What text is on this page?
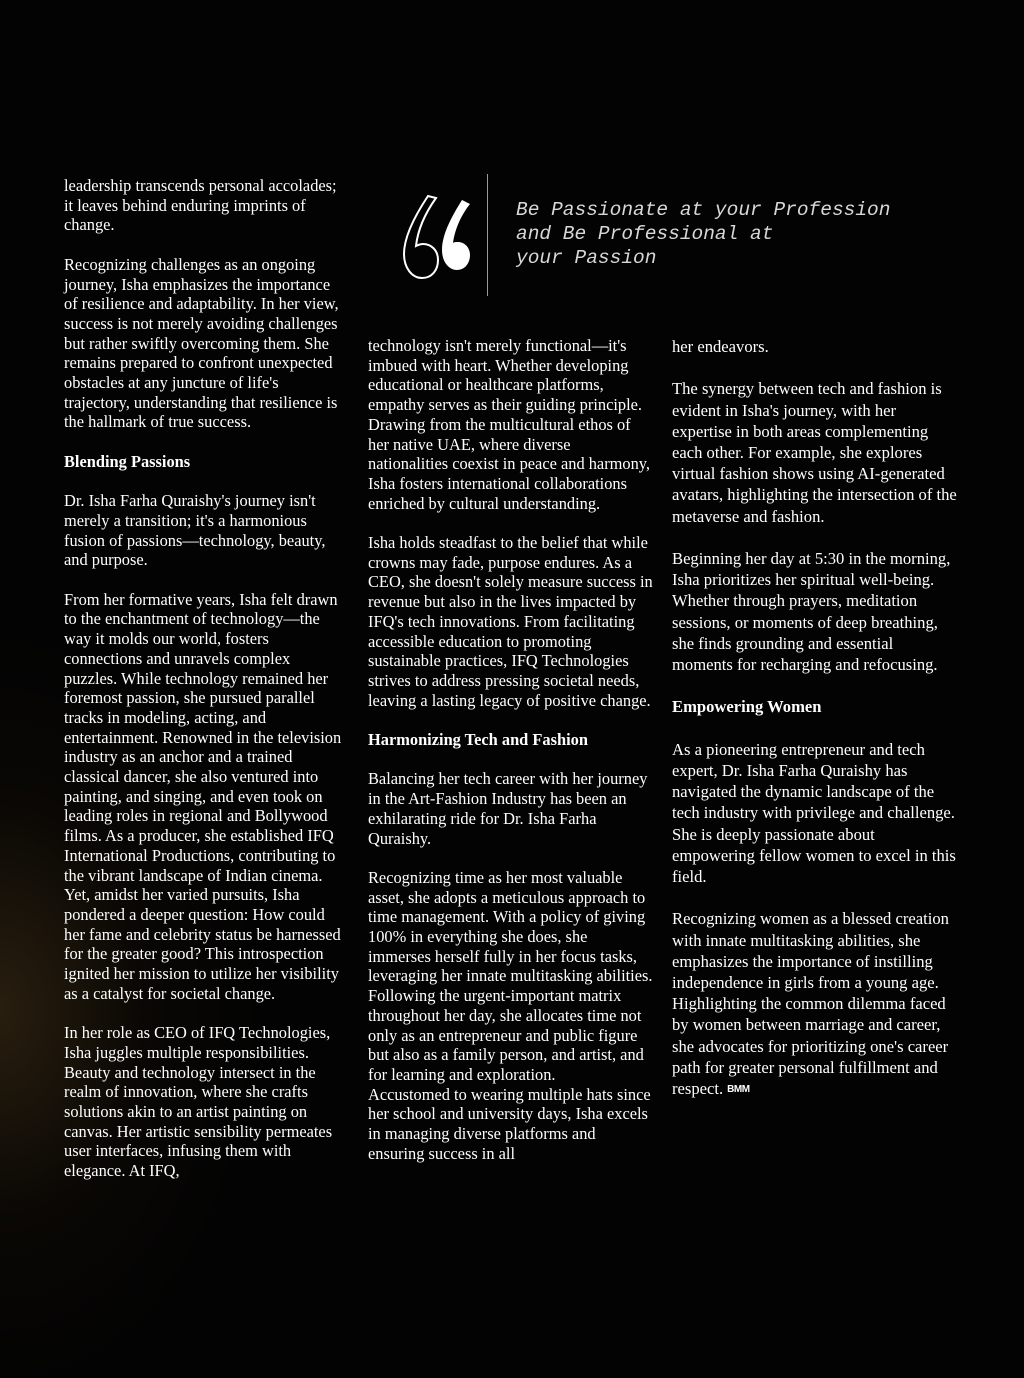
leadership transcends personal accolades; it leaves behind enduring imprints of change.

Recognizing challenges as an ongoing journey, Isha emphasizes the importance of resilience and adaptability. In her view, success is not merely avoiding challenges but rather swiftly overcoming them. She remains prepared to confront unexpected obstacles at any juncture of life's trajectory, understanding that resilience is the hallmark of true success.

Blending Passions

Dr. Isha Farha Quraishy's journey isn't merely a transition; it's a harmonious fusion of passions—technology, beauty, and purpose.

From her formative years, Isha felt drawn to the enchantment of technology—the way it molds our world, fosters connections and unravels complex puzzles. While technology remained her foremost passion, she pursued parallel tracks in modeling, acting, and entertainment. Renowned in the television industry as an anchor and a trained classical dancer, she also ventured into painting, and singing, and even took on leading roles in regional and Bollywood films. As a producer, she established IFQ International Productions, contributing to the vibrant landscape of Indian cinema. Yet, amidst her varied pursuits, Isha pondered a deeper question: How could her fame and celebrity status be harnessed for the greater good? This introspection ignited her mission to utilize her visibility as a catalyst for societal change.

In her role as CEO of IFQ Technologies, Isha juggles multiple responsibilities. Beauty and technology intersect in the realm of innovation, where she crafts solutions akin to an artist painting on canvas. Her artistic sensibility permeates user interfaces, infusing them with elegance. At IFQ,

Be Passionate at your Profession
and Be Professional at
your Passion

technology isn't merely functional—it's imbued with heart. Whether developing educational or healthcare platforms, empathy serves as their guiding principle. Drawing from the multicultural ethos of her native UAE, where diverse nationalities coexist in peace and harmony, Isha fosters international collaborations enriched by cultural understanding.

Isha holds steadfast to the belief that while crowns may fade, purpose endures. As a CEO, she doesn't solely measure success in revenue but also in the lives impacted by IFQ's tech innovations. From facilitating accessible education to promoting sustainable practices, IFQ Technologies strives to address pressing societal needs, leaving a lasting legacy of positive change.

Harmonizing Tech and Fashion

Balancing her tech career with her journey in the Art-Fashion Industry has been an exhilarating ride for Dr. Isha Farha Quraishy.

Recognizing time as her most valuable asset, she adopts a meticulous approach to time management. With a policy of giving 100% in everything she does, she immerses herself fully in her focus tasks, leveraging her innate multitasking abilities. Following the urgent-important matrix throughout her day, she allocates time not only as an entrepreneur and public figure but also as a family person, and artist, and for learning and exploration.

Accustomed to wearing multiple hats since her school and university days, Isha excels in managing diverse platforms and ensuring success in all

her endeavors.

The synergy between tech and fashion is evident in Isha's journey, with her expertise in both areas complementing each other. For example, she explores virtual fashion shows using AI-generated avatars, highlighting the intersection of the metaverse and fashion.

Beginning her day at 5:30 in the morning, Isha prioritizes her spiritual well-being. Whether through prayers, meditation sessions, or moments of deep breathing, she finds grounding and essential moments for recharging and refocusing.

Empowering Women

As a pioneering entrepreneur and tech expert, Dr. Isha Farha Quraishy has navigated the dynamic landscape of the tech industry with privilege and challenge. She is deeply passionate about empowering fellow women to excel in this field.

Recognizing women as a blessed creation with innate multitasking abilities, she emphasizes the importance of instilling independence in girls from a young age. Highlighting the common dilemma faced by women between marriage and career, she advocates for prioritizing one's career path for greater personal fulfillment and respect. BMM
